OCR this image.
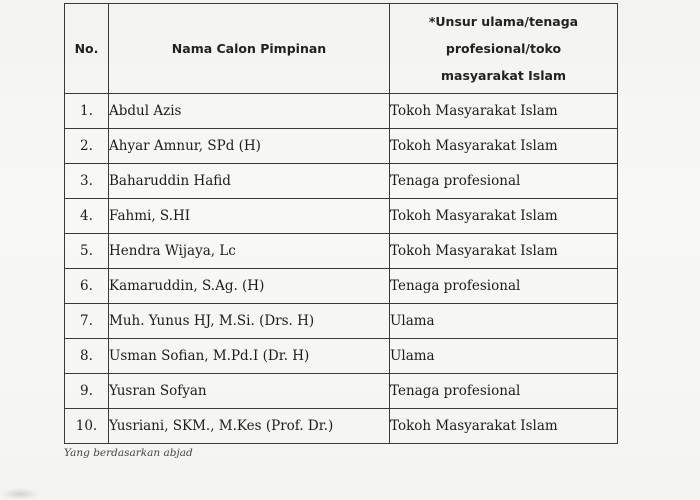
No.	Nama Calon Pimpinan	*Unsur ulama/tenaga
profesional/toko
masyarakat Islam

1.	Abdul Azis	Tokoh Masyarakat Islam
2.	Ahyar Amnur, SPd (H)	Tokoh Masyarakat Islam
3.	Baharuddin Hafid	Tenaga profesional
4.	Fahmi, S.HI	Tokoh Masyarakat Islam
5.	Hendra Wijaya, Lc	Tokoh Masyarakat Islam
6.	Kamaruddin, S.Ag. (H)	Tenaga profesional
7.	Muh. Yunus HJ, M.Si. (Drs. H)	Ulama
8.	Usman Sofian, M.Pd.I (Dr. H)	Ulama
9.	Yusran Sofyan	Tenaga profesional
10.	Yusriani, SKM., M.Kes (Prof. Dr.)	Tokoh Masyarakat Islam
Yang berdasarkan abjad
